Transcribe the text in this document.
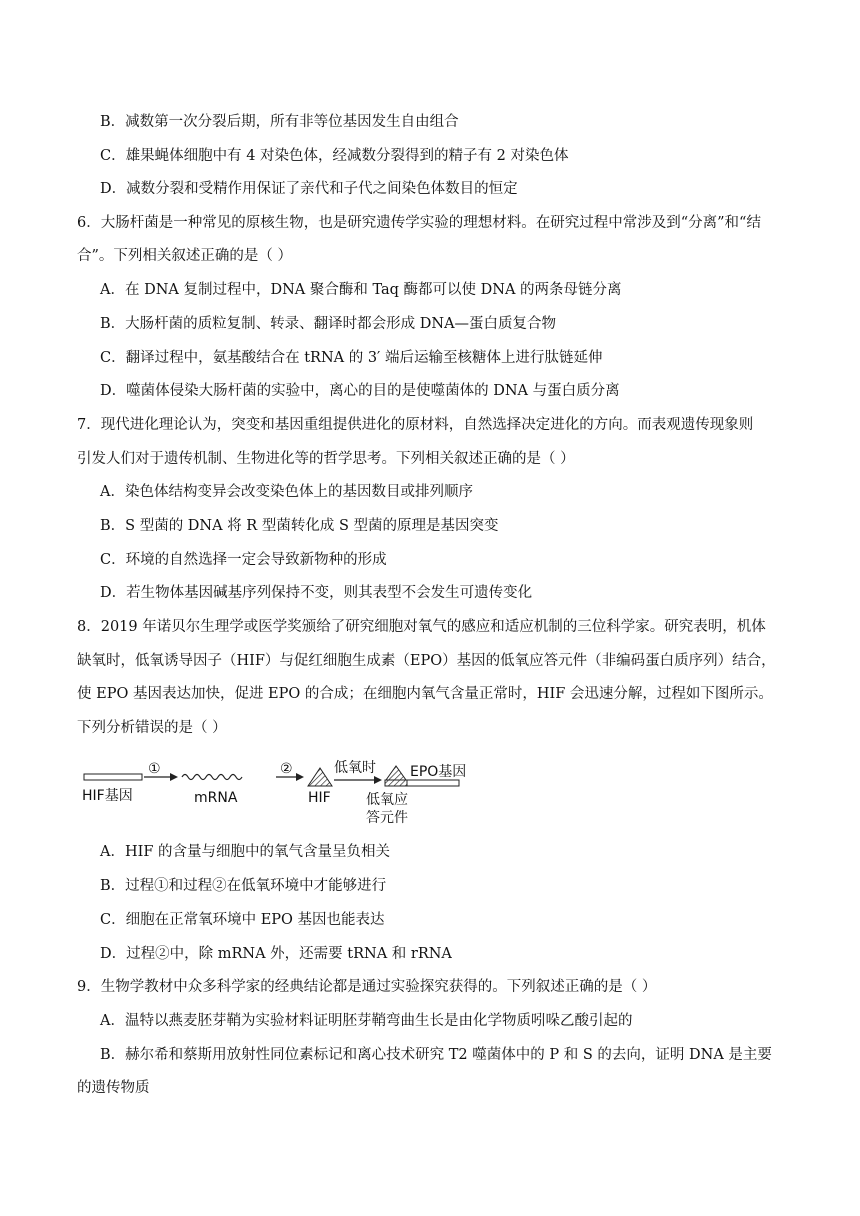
B．减数第一次分裂后期，所有非等位基因发生自由组合
C．雄果蝇体细胞中有 4 对染色体，经减数分裂得到的精子有 2 对染色体
D．减数分裂和受精作用保证了亲代和子代之间染色体数目的恒定
6．大肠杆菌是一种常见的原核生物，也是研究遗传学实验的理想材料。在研究过程中常涉及到“分离”和“结
合”。下列相关叙述正确的是（ ）
A．在 DNA 复制过程中，DNA 聚合酶和 Taq 酶都可以使 DNA 的两条母链分离
B．大肠杆菌的质粒复制、转录、翻译时都会形成 DNA—蛋白质复合物
C．翻译过程中，氨基酸结合在 tRNA 的 3′ 端后运输至核糖体上进行肽链延伸
D．噬菌体侵染大肠杆菌的实验中，离心的目的是使噬菌体的 DNA 与蛋白质分离
7．现代进化理论认为，突变和基因重组提供进化的原材料，自然选择决定进化的方向。而表观遗传现象则
引发人们对于遗传机制、生物进化等的哲学思考。下列相关叙述正确的是（ ）
A．染色体结构变异会改变染色体上的基因数目或排列顺序
B．S 型菌的 DNA 将 R 型菌转化成 S 型菌的原理是基因突变
C．环境的自然选择一定会导致新物种的形成
D．若生物体基因碱基序列保持不变，则其表型不会发生可遗传变化
8．2019 年诺贝尔生理学或医学奖颁给了研究细胞对氧气的感应和适应机制的三位科学家。研究表明，机体
缺氧时，低氧诱导因子（HIF）与促红细胞生成素（EPO）基因的低氧应答元件（非编码蛋白质序列）结合，
使 EPO 基因表达加快，促进 EPO 的合成；在细胞内氧气含量正常时，HIF 会迅速分解，过程如下图所示。
下列分析错误的是（ ）
HIF基因
①
mRNA
②
HIF
低氧时 EPO基因
低氧应
答元件
A．HIF 的含量与细胞中的氧气含量呈负相关
B．过程①和过程②在低氧环境中才能够进行
C．细胞在正常氧环境中 EPO 基因也能表达
D．过程②中，除 mRNA 外，还需要 tRNA 和 rRNA
9．生物学教材中众多科学家的经典结论都是通过实验探究获得的。下列叙述正确的是（ ）
A．温特以燕麦胚芽鞘为实验材料证明胚芽鞘弯曲生长是由化学物质吲哚乙酸引起的
B．赫尔希和蔡斯用放射性同位素标记和离心技术研究 T2 噬菌体中的 P 和 S 的去向，证明 DNA 是主要
的遗传物质
